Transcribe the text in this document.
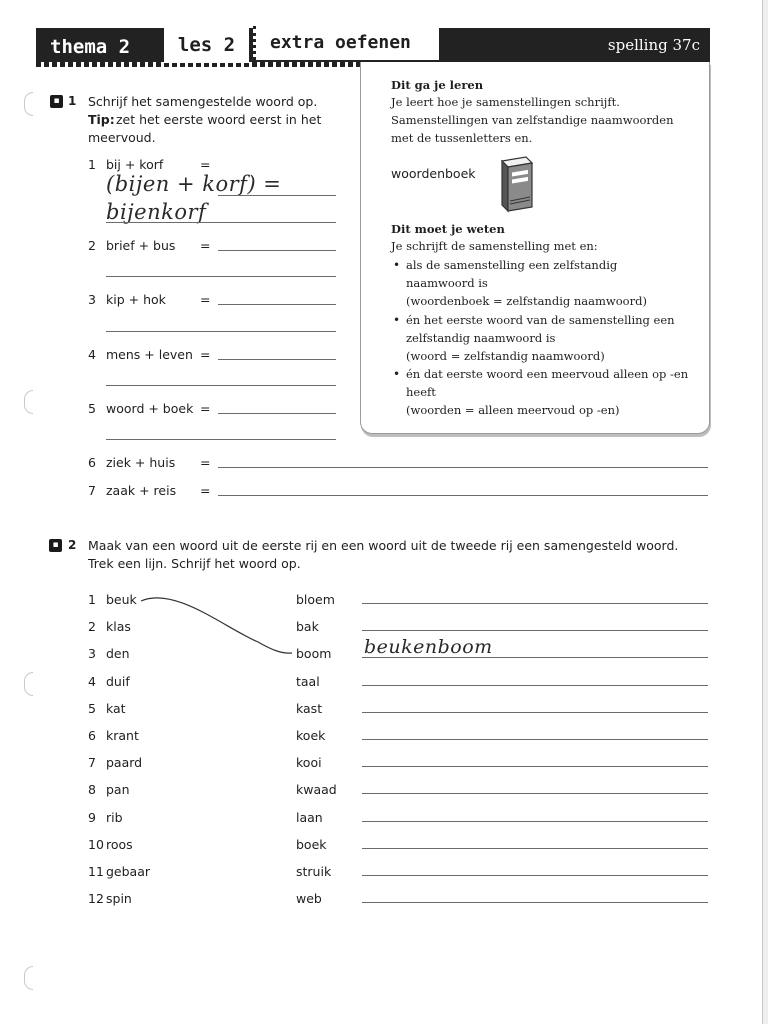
thema 2	les 2	extra oefenen	spelling 37c
Dit ga je leren
Je leert hoe je samenstellingen schrijft.
Samenstellingen van zelfstandige naamwoorden
met de tussenletters en.
woordenboek
Dit moet je weten
Je schrijft de samenstelling met en:
• als de samenstelling een zelfstandig
naamwoord is
(woordenboek = zelfstandig naamwoord)
• én het eerste woord van de samenstelling een
zelfstandig naamwoord is
(woord = zelfstandig naamwoord)
• én dat eerste woord een meervoud alleen op -en
heeft
(woorden = alleen meervoud op -en)
▪ 1 Schrijf het samengestelde woord op.
Tip: zet het eerste woord eerst in het
meervoud.
1 bij + korf	=
(bijen + korf) =
bijenkorf
2 brief + bus =
3 kip + hok	=
4 mens + leven =
5 woord + boek =
6 ziek + huis =
7 zaak + reis =
▪ 2 Maak van een woord uit de eerste rij en een woord uit de tweede rij een samengesteld woord.
Trek een lijn. Schrijf het woord op.
1 beuk	bloem
2 klas	bak
3 den	boom
4 duif	taal
5 kat	kast
6 krant	koek
7 paard	kooi
8 pan	kwaad
9 rib	laan
10 roos	boek
11 gebaar	struik
12 spin	web
beukenboom
